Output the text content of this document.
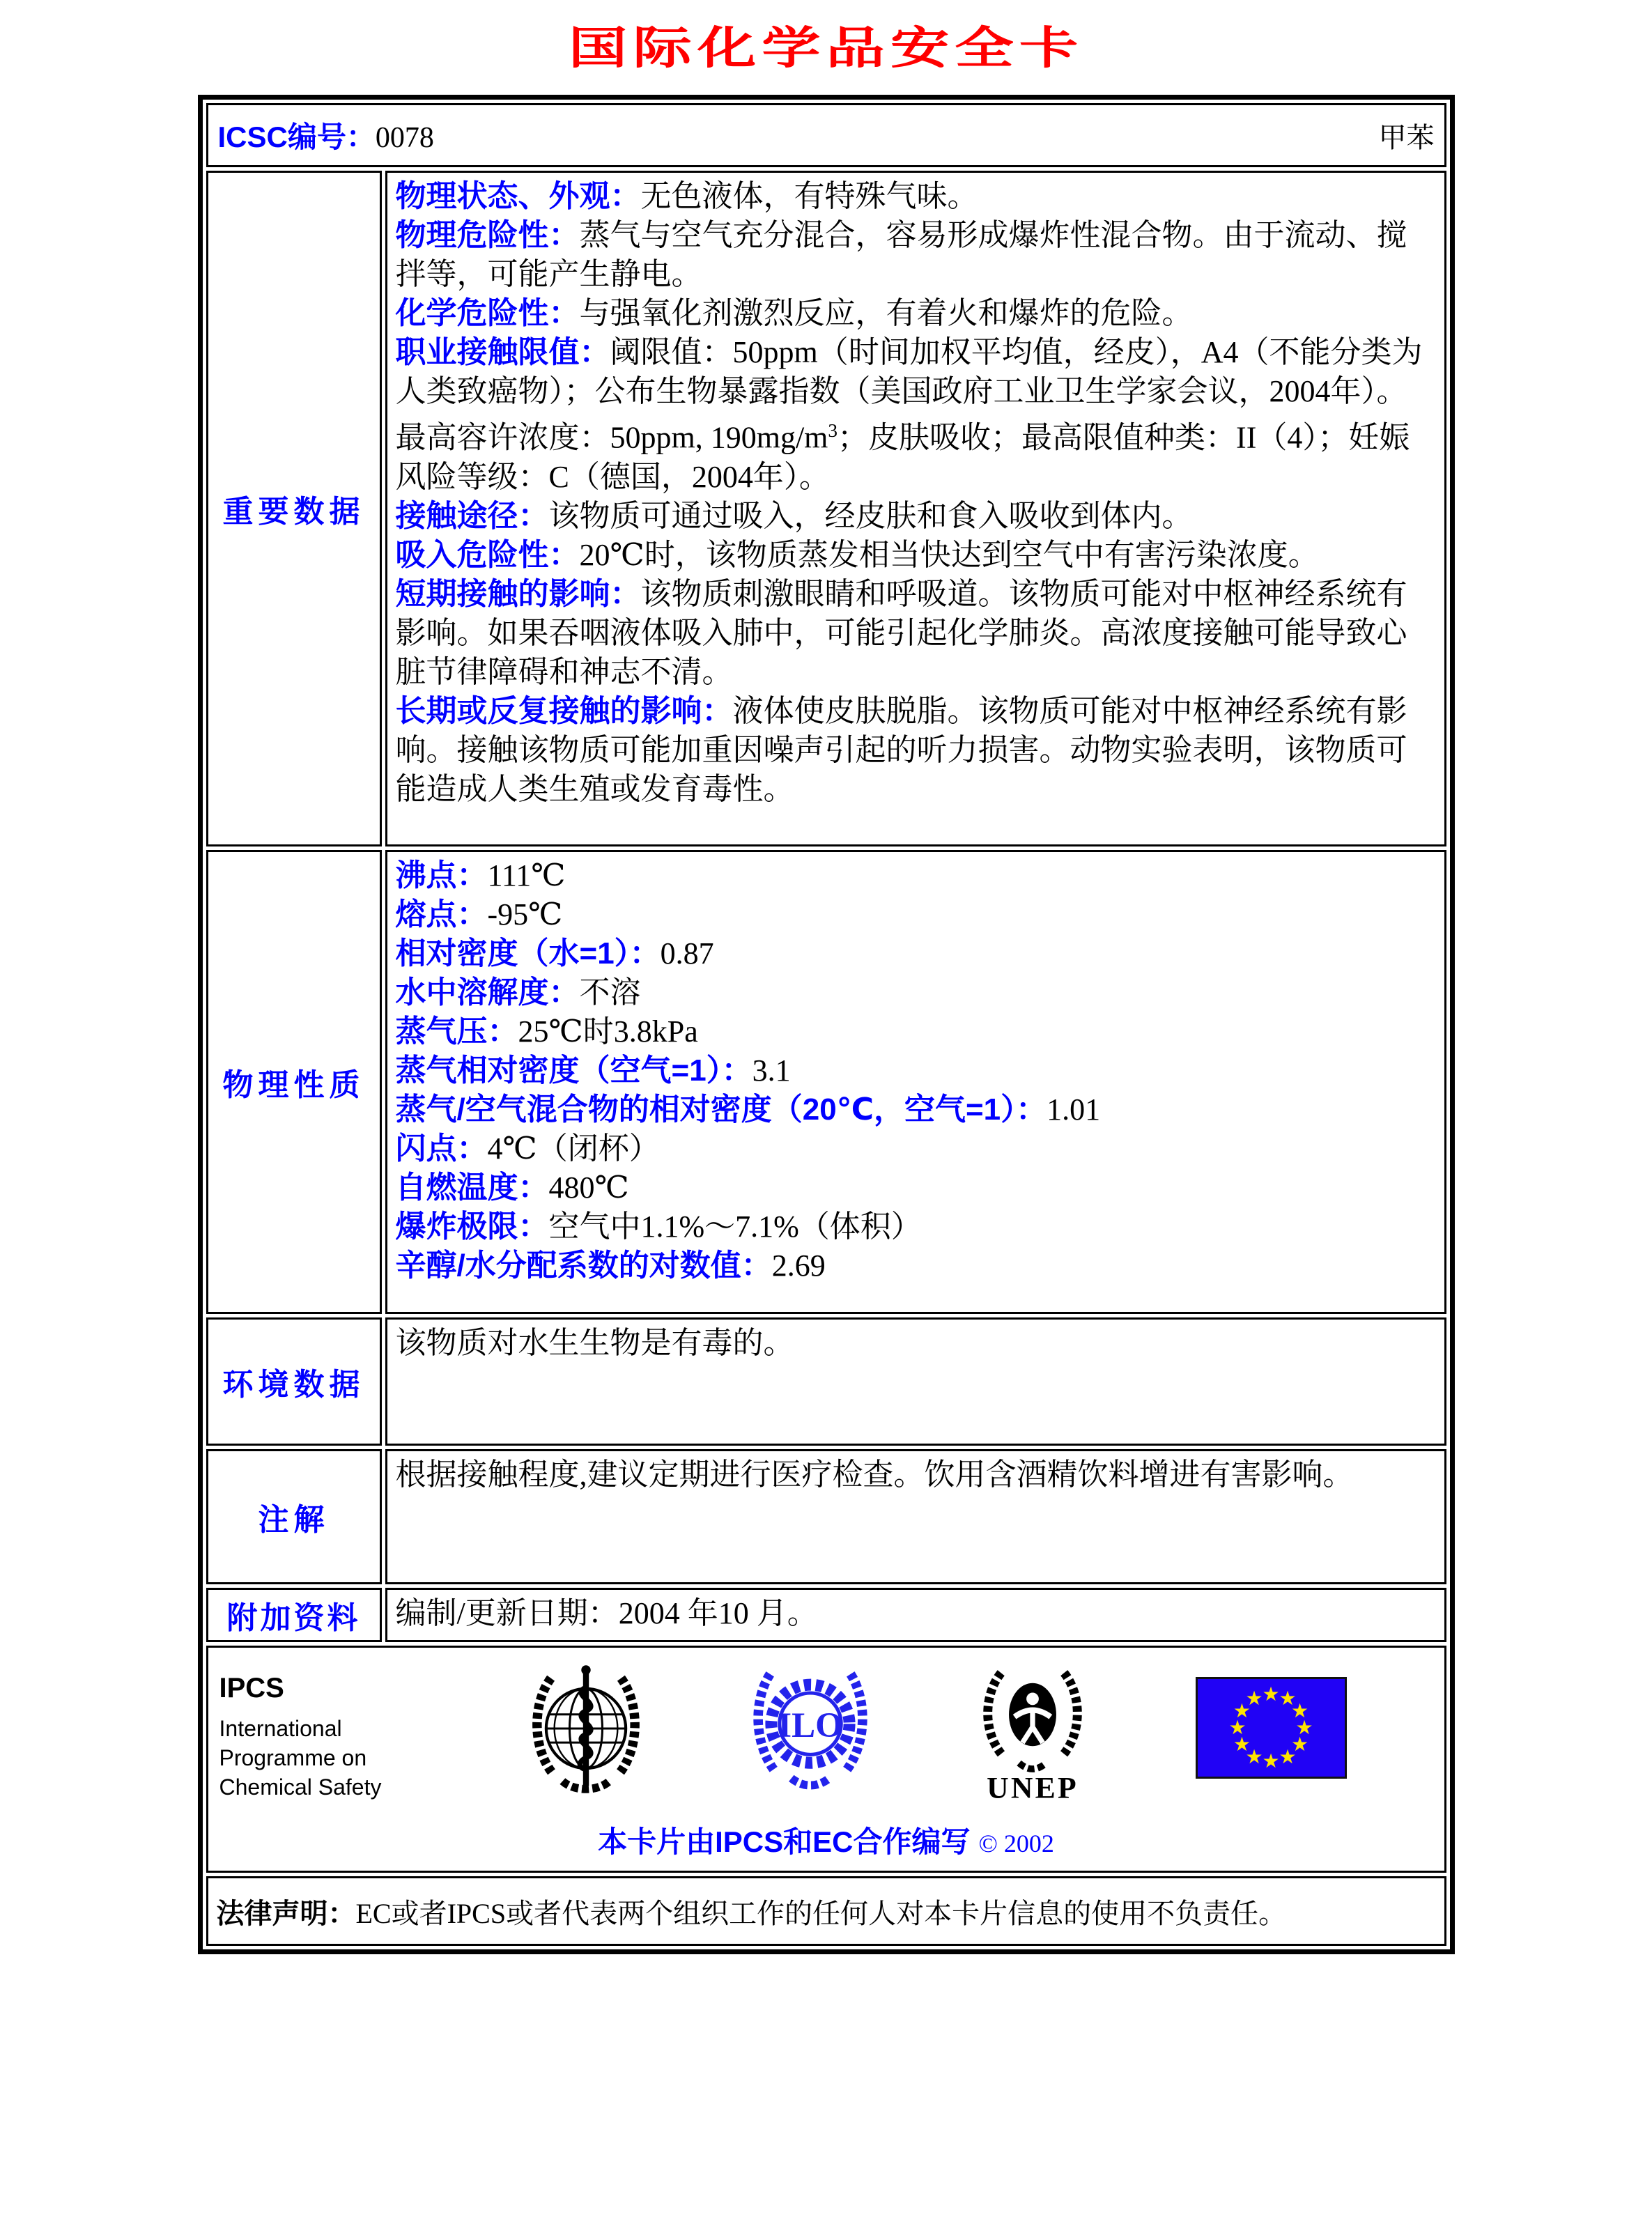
国际化学品安全卡
ICSC编号：0078 甲苯	

重要数据	
物理状态、外观：无色液体，有特殊气味。
物理危险性：蒸气与空气充分混合，容易形成爆炸性混合物。由于流动、搅拌等，可能产生静电。
化学危险性：与强氧化剂激烈反应，有着火和爆炸的危险。
职业接触限值：阈限值：50ppm（时间加权平均值，经皮），A4（不能分类为人类致癌物）；公布生物暴露指数（美国政府工业卫生学家会议，2004年）。最高容许浓度：50ppm, $190mg/m^3$；皮肤吸收；最高限值种类：II（4）；妊娠风险等级：C（德国，2004年）。
接触途径：该物质可通过吸入，经皮肤和食入吸收到体内。
吸入危险性：20℃时，该物质蒸发相当快达到空气中有害污染浓度。
短期接触的影响：该物质刺激眼睛和呼吸道。该物质可能对中枢神经系统有影响。如果吞咽液体吸入肺中，可能引起化学肺炎。高浓度接触可能导致心脏节律障碍和神志不清。
长期或反复接触的影响：液体使皮肤脱脂。该物质可能对中枢神经系统有影响。接触该物质可能加重因噪声引起的听力损害。动物实验表明，该物质可能造成人类生殖或发育毒性。

物理性质	
沸点：111℃
熔点：-95℃
相对密度（水=1）：0.87
水中溶解度：不溶
蒸气压：25℃时3.8kPa
蒸气相对密度（空气=1）：3.1
蒸气/空气混合物的相对密度（20℃，空气=1）：1.01
闪点：4℃（闭杯）
自燃温度：480℃
爆炸极限：空气中1.1%～7.1%（体积）
辛醇/水分配系数的对数值：2.69

环境数据	该物质对水生生物是有毒的。

注解	根据接触程度,建议定期进行医疗检查。饮用含酒精饮料增进有害影响。

附加资料	编制/更新日期：2004 年10 月。

IPCS
International
Programme on
Chemical Safety
ILO
UNEP
★
★
★
★
★
★
★
★
★
★
★
★
本卡片由IPCS和EC合作编写 © 2002

法律声明：EC或者IPCS或者代表两个组织工作的任何人对本卡片信息的使用不负责任。	
